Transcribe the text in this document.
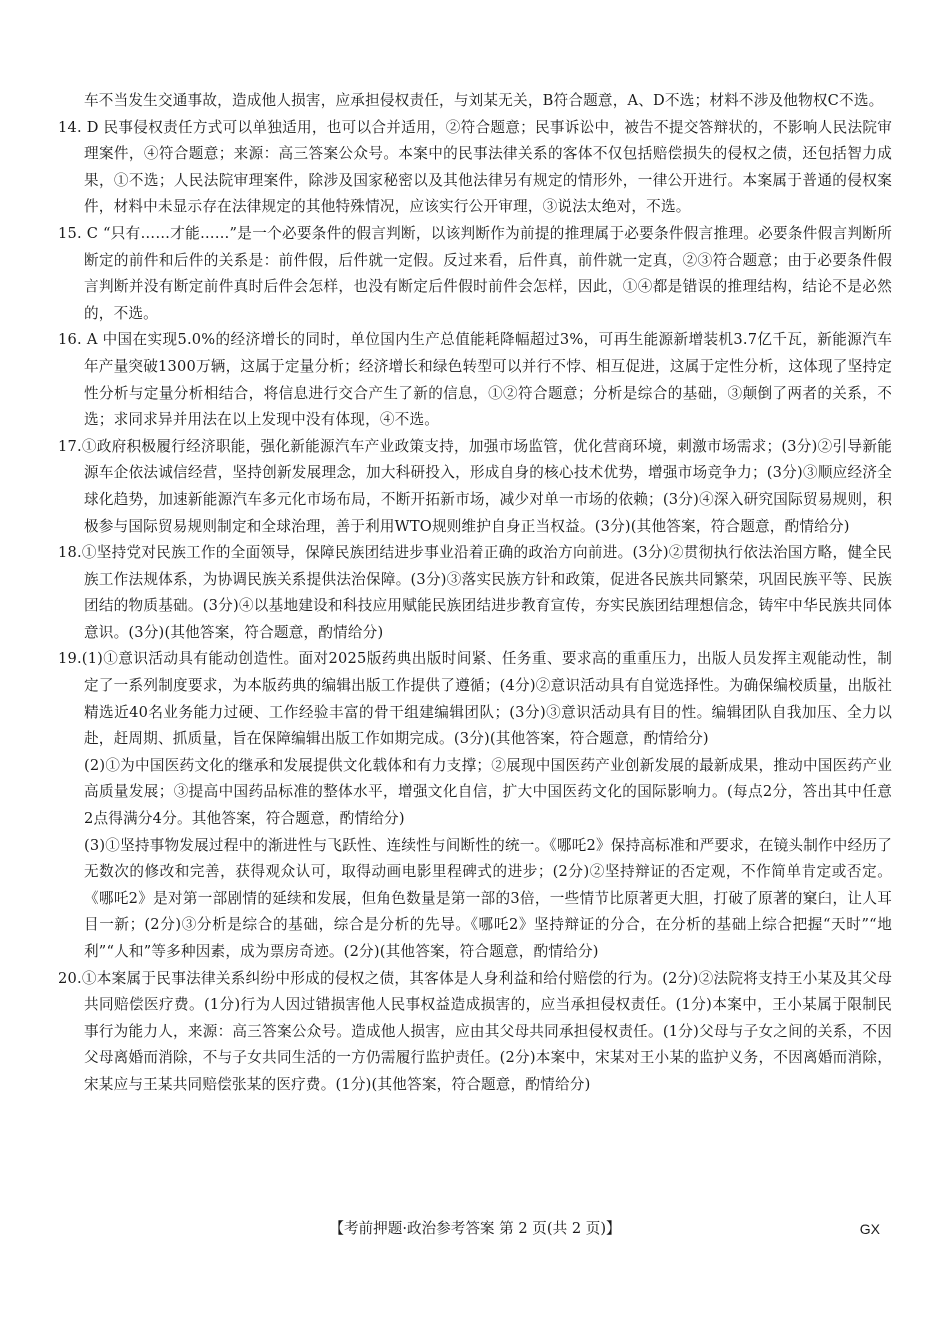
车不当发生交通事故，造成他人损害，应承担侵权责任，与刘某无关，B符合题意，A、D不选；材料不涉及他物权C不选。

14. D 民事侵权责任方式可以单独适用，也可以合并适用，②符合题意；民事诉讼中，被告不提交答辩状的，不影响人民法院审理案件，④符合题意；来源：高三答案公众号。本案中的民事法律关系的客体不仅包括赔偿损失的侵权之债，还包括智力成果，①不选；人民法院审理案件，除涉及国家秘密以及其他法律另有规定的情形外，一律公开进行。本案属于普通的侵权案件，材料中未显示存在法律规定的其他特殊情况，应该实行公开审理，③说法太绝对，不选。

15. C “只有……才能……”是一个必要条件的假言判断，以该判断作为前提的推理属于必要条件假言推理。必要条件假言判断所断定的前件和后件的关系是：前件假，后件就一定假。反过来看，后件真，前件就一定真，②③符合题意；由于必要条件假言判断并没有断定前件真时后件会怎样，也没有断定后件假时前件会怎样，因此，①④都是错误的推理结构，结论不是必然的，不选。

16. A 中国在实现5.0%的经济增长的同时，单位国内生产总值能耗降幅超过3%，可再生能源新增装机3.7亿千瓦，新能源汽车年产量突破1300万辆，这属于定量分析；经济增长和绿色转型可以并行不悖、相互促进，这属于定性分析，这体现了坚持定性分析与定量分析相结合，将信息进行交合产生了新的信息，①②符合题意；分析是综合的基础，③颠倒了两者的关系，不选；求同求异并用法在以上发现中没有体现，④不选。

17.①政府积极履行经济职能，强化新能源汽车产业政策支持，加强市场监管，优化营商环境，刺激市场需求；(3分)②引导新能源车企依法诚信经营，坚持创新发展理念，加大科研投入，形成自身的核心技术优势，增强市场竞争力；(3分)③顺应经济全球化趋势，加速新能源汽车多元化市场布局，不断开拓新市场，减少对单一市场的依赖；(3分)④深入研究国际贸易规则，积极参与国际贸易规则制定和全球治理，善于利用WTO规则维护自身正当权益。(3分)(其他答案，符合题意，酌情给分)

18.①坚持党对民族工作的全面领导，保障民族团结进步事业沿着正确的政治方向前进。(3分)②贯彻执行依法治国方略，健全民族工作法规体系，为协调民族关系提供法治保障。(3分)③落实民族方针和政策，促进各民族共同繁荣，巩固民族平等、民族团结的物质基础。(3分)④以基地建设和科技应用赋能民族团结进步教育宣传，夯实民族团结理想信念，铸牢中华民族共同体意识。(3分)(其他答案，符合题意，酌情给分)

19.(1)①意识活动具有能动创造性。面对2025版药典出版时间紧、任务重、要求高的重重压力，出版人员发挥主观能动性，制定了一系列制度要求，为本版药典的编辑出版工作提供了遵循；(4分)②意识活动具有自觉选择性。为确保编校质量，出版社精选近40名业务能力过硬、工作经验丰富的骨干组建编辑团队；(3分)③意识活动具有目的性。编辑团队自我加压、全力以赴，赶周期、抓质量，旨在保障编辑出版工作如期完成。(3分)(其他答案，符合题意，酌情给分)

(2)①为中国医药文化的继承和发展提供文化载体和有力支撑；②展现中国医药产业创新发展的最新成果，推动中国医药产业高质量发展；③提高中国药品标准的整体水平，增强文化自信，扩大中国医药文化的国际影响力。(每点2分，答出其中任意2点得满分4分。其他答案，符合题意，酌情给分)

(3)①坚持事物发展过程中的渐进性与飞跃性、连续性与间断性的统一。《哪吒2》保持高标准和严要求，在镜头制作中经历了无数次的修改和完善，获得观众认可，取得动画电影里程碑式的进步；(2分)②坚持辩证的否定观，不作简单肯定或否定。《哪吒2》是对第一部剧情的延续和发展，但角色数量是第一部的3倍，一些情节比原著更大胆，打破了原著的窠臼，让人耳目一新；(2分)③分析是综合的基础，综合是分析的先导。《哪吒2》坚持辩证的分合，在分析的基础上综合把握“天时”“地利”“人和”等多种因素，成为票房奇迹。(2分)(其他答案，符合题意，酌情给分)

20.①本案属于民事法律关系纠纷中形成的侵权之债，其客体是人身利益和给付赔偿的行为。(2分)②法院将支持王小某及其父母共同赔偿医疗费。(1分)行为人因过错损害他人民事权益造成损害的，应当承担侵权责任。(1分)本案中，王小某属于限制民事行为能力人，来源：高三答案公众号。造成他人损害，应由其父母共同承担侵权责任。(1分)父母与子女之间的关系，不因父母离婚而消除，不与子女共同生活的一方仍需履行监护责任。(2分)本案中，宋某对王小某的监护义务，不因离婚而消除，宋某应与王某共同赔偿张某的医疗费。(1分)(其他答案，符合题意，酌情给分)

【考前押题·政治参考答案 第 2 页(共 2 页)】	GX
